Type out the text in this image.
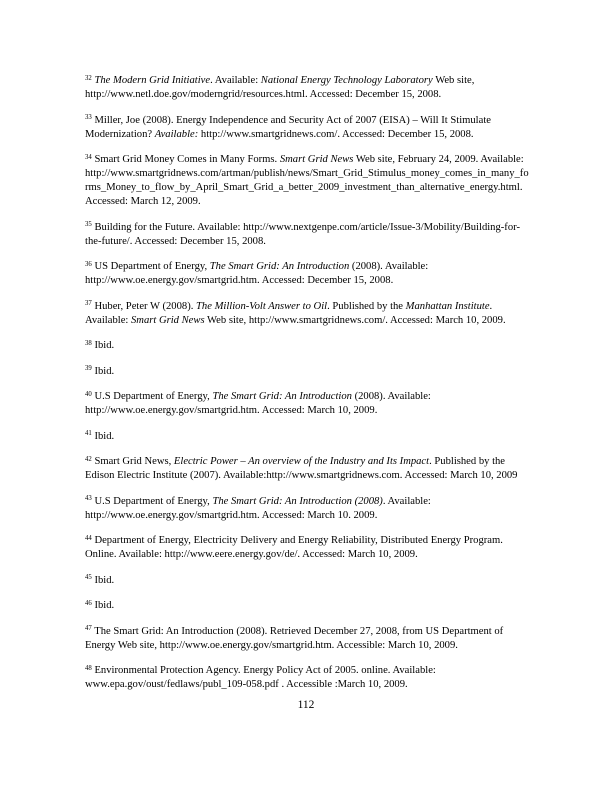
$^{32}$ The Modern Grid Initiative. Available: National Energy Technology Laboratory Web site, http://www.netl.doe.gov/moderngrid/resources.html. Accessed: December 15, 2008.

$^{33}$ Miller, Joe (2008). Energy Independence and Security Act of 2007 (EISA) – Will It Stimulate Modernization? Available: http://www.smartgridnews.com/. Accessed: December 15, 2008.

$^{34}$ Smart Grid Money Comes in Many Forms. Smart Grid News Web site, February 24, 2009. Available: http://www.smartgridnews.com/artman/publish/news/Smart_Grid_Stimulus_money_comes_in_many_forms_Money_to_flow_by_April_Smart_Grid_a_better_2009_investment_than_alternative_energy.html. Accessed: March 12, 2009.

$^{35}$ Building for the Future. Available: http://www.nextgenpe.com/article/Issue-3/Mobility/Building-for-the-future/. Accessed: December 15, 2008.

$^{36}$ US Department of Energy, The Smart Grid: An Introduction (2008). Available: http://www.oe.energy.gov/smartgrid.htm. Accessed: December 15, 2008.

$^{37}$ Huber, Peter W (2008). The Million-Volt Answer to Oil. Published by the Manhattan Institute. Available: Smart Grid News Web site, http://www.smartgridnews.com/. Accessed: March 10, 2009.

$^{38}$ Ibid.

$^{39}$ Ibid.

$^{40}$ U.S Department of Energy, The Smart Grid: An Introduction (2008). Available: http://www.oe.energy.gov/smartgrid.htm. Accessed: March 10, 2009.

$^{41}$ Ibid.

$^{42}$ Smart Grid News, Electric Power – An overview of the Industry and Its Impact. Published by the Edison Electric Institute (2007). Available:http://www.smartgridnews.com. Accessed: March 10, 2009

$^{43}$ U.S Department of Energy, The Smart Grid: An Introduction (2008). Available: http://www.oe.energy.gov/smartgrid.htm. Accessed: March 10. 2009.

$^{44}$ Department of Energy, Electricity Delivery and Energy Reliability, Distributed Energy Program. Online. Available: http://www.eere.energy.gov/de/. Accessed: March 10, 2009.

$^{45}$ Ibid.

$^{46}$ Ibid.

$^{47}$ The Smart Grid: An Introduction (2008). Retrieved December 27, 2008, from US Department of Energy Web site, http://www.oe.energy.gov/smartgrid.htm. Accessible: March 10, 2009.

$^{48}$ Environmental Protection Agency. Energy Policy Act of 2005. online. Available: www.epa.gov/oust/fedlaws/publ_109-058.pdf . Accessible :March 10, 2009.

112
